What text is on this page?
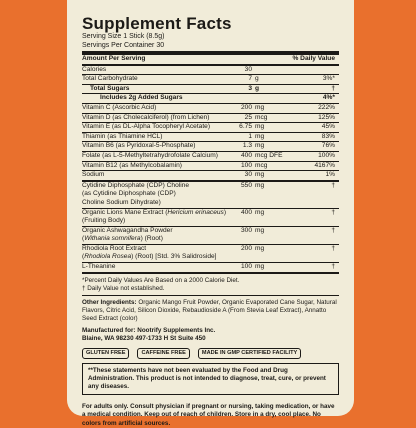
Supplement Facts
Serving Size 1 Stick (8.5g)
Servings Per Container 30
Amount Per Serving	% Daily Value
Calories	30
Total Carbohydrate	7 g	3%*
Total Sugars	3 g	†
Includes 2g Added Sugars	4%*
Vitamin C (Ascorbic Acid)	200 mg	222%
Vitamin D (as Cholecalciferol) (from Lichen)	25 mcg	125%
Vitamin E (as DL-Alpha Tocopheryl Acetate)	6.75 mg	45%
Thiamin (as Thiamine HCL)	1 mg	83%
Vitamin B6 (as Pyridoxal-5-Phosphate)	1.3 mg	76%
Folate (as L-5-Methyltetrahydrofolate Calcium)	400 mcg DFE	100%
Vitamin B12 (as Methylcobalamin)	100 mcg	4167%
Sodium	30 mg	1%
Cytidine Diphosphate (CDP) Choline
(as Cytidine Diphosphate (CDP)
Choline Sodium Dihydrate)
550 mg	†
Organic Lions Mane Extract (Hericium erinaceus)
(Fruiting Body)
400 mg	†
Organic Ashwagandha Powder
(Withania somnifera) (Root)
300 mg	†
Rhodiola Root Extract
(Rhodiola Rosea) (Root) [Std. 3% Salidroside]
200 mg	†
L-Theanine	100 mg	†
*Percent Daily Values Are Based on a 2000 Calorie Diet.
† Daily Value not established.
Other Ingredients: Organic Mango Fruit Powder, Organic Evaporated Cane Sugar, Natural Flavors, Citric Acid, Silicon Dioxide, Rebaudioside A (From Stevia Leaf Extract), Annatto Seed Extract (color)
Manufactured for: Nootrify Supplements Inc.
Blaine, WA 98230 497-1733 H St Suite 450
GLUTEN FREE	CAFFEINE FREE	MADE IN GMP CERTIFIED FACILITY
**These statements have not been evaluated by the Food and Drug Administration. This product is not intended to diagnose, treat, cure, or prevent any diseases.
For adults only. Consult physician if pregnant or nursing, taking medication, or have a medical condition. Keep out of reach of children. Store in a dry, cool place. No colors from artificial sources.
